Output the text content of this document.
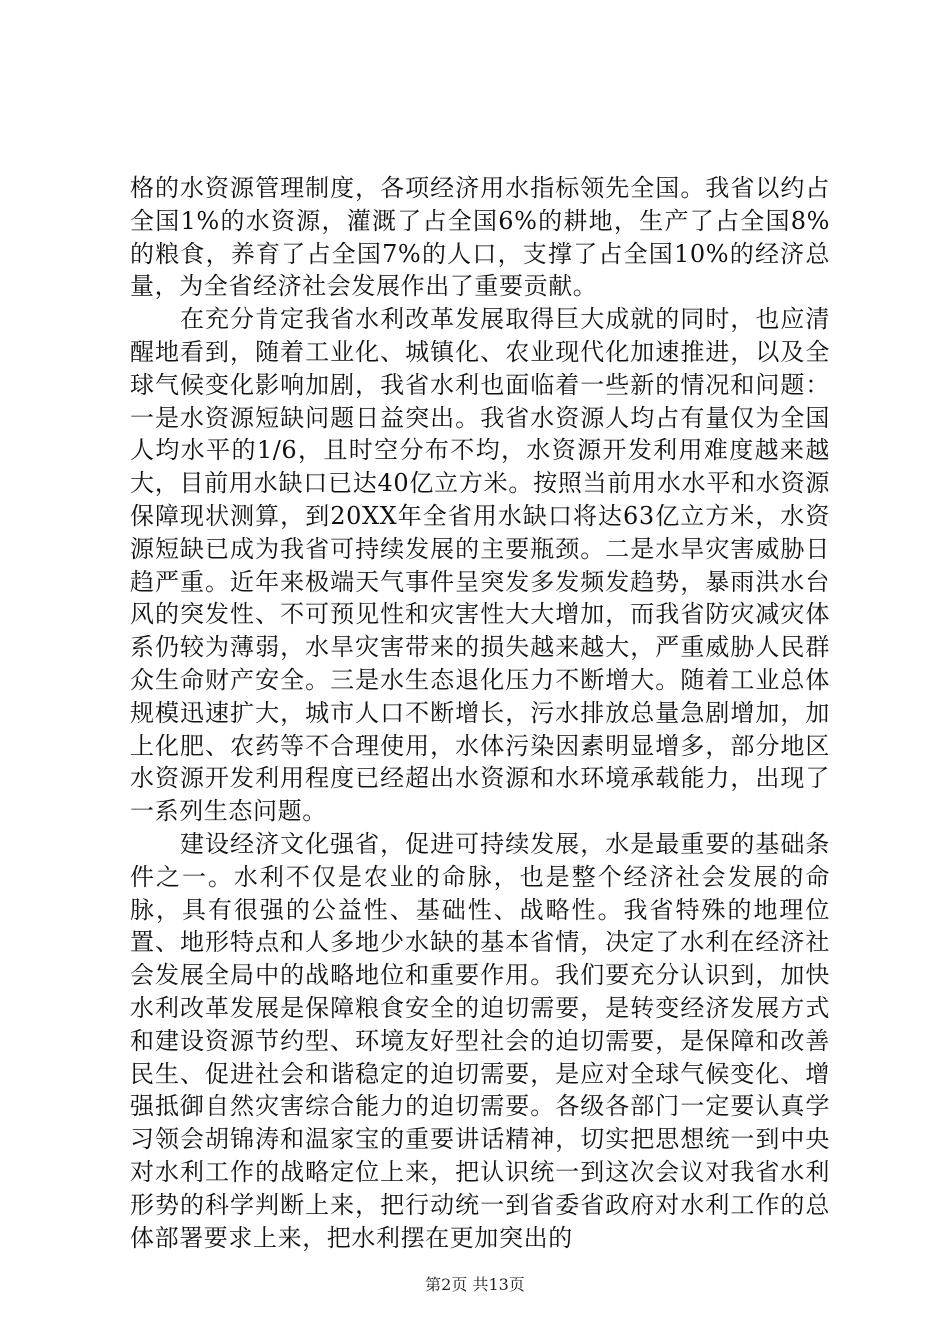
格的水资源管理制度，各项经济用水指标领先全国。我省以约占全国1%的水资源，灌溉了占全国6%的耕地，生产了占全国8%的粮食，养育了占全国7%的人口，支撑了占全国10%的经济总量，为全省经济社会发展作出了重要贡献。

在充分肯定我省水利改革发展取得巨大成就的同时，也应清醒地看到，随着工业化、城镇化、农业现代化加速推进，以及全球气候变化影响加剧，我省水利也面临着一些新的情况和问题：一是水资源短缺问题日益突出。我省水资源人均占有量仅为全国人均水平的1/6，且时空分布不均，水资源开发利用难度越来越大，目前用水缺口已达40亿立方米。按照当前用水水平和水资源保障现状测算，到20XX年全省用水缺口将达63亿立方米，水资源短缺已成为我省可持续发展的主要瓶颈。二是水旱灾害威胁日趋严重。近年来极端天气事件呈突发多发频发趋势，暴雨洪水台风的突发性、不可预见性和灾害性大大增加，而我省防灾减灾体系仍较为薄弱，水旱灾害带来的损失越来越大，严重威胁人民群众生命财产安全。三是水生态退化压力不断增大。随着工业总体规模迅速扩大，城市人口不断增长，污水排放总量急剧增加，加上化肥、农药等不合理使用，水体污染因素明显增多，部分地区水资源开发利用程度已经超出水资源和水环境承载能力，出现了一系列生态问题。

建设经济文化强省，促进可持续发展，水是最重要的基础条件之一。水利不仅是农业的命脉，也是整个经济社会发展的命脉，具有很强的公益性、基础性、战略性。我省特殊的地理位置、地形特点和人多地少水缺的基本省情，决定了水利在经济社会发展全局中的战略地位和重要作用。我们要充分认识到，加快水利改革发展是保障粮食安全的迫切需要，是转变经济发展方式和建设资源节约型、环境友好型社会的迫切需要，是保障和改善民生、促进社会和谐稳定的迫切需要，是应对全球气候变化、增强抵御自然灾害综合能力的迫切需要。各级各部门一定要认真学习领会胡锦涛和温家宝的重要讲话精神，切实把思想统一到中央对水利工作的战略定位上来，把认识统一到这次会议对我省水利形势的科学判断上来，把行动统一到省委省政府对水利工作的总体部署要求上来，把水利摆在更加突出的

第2页 共13页
